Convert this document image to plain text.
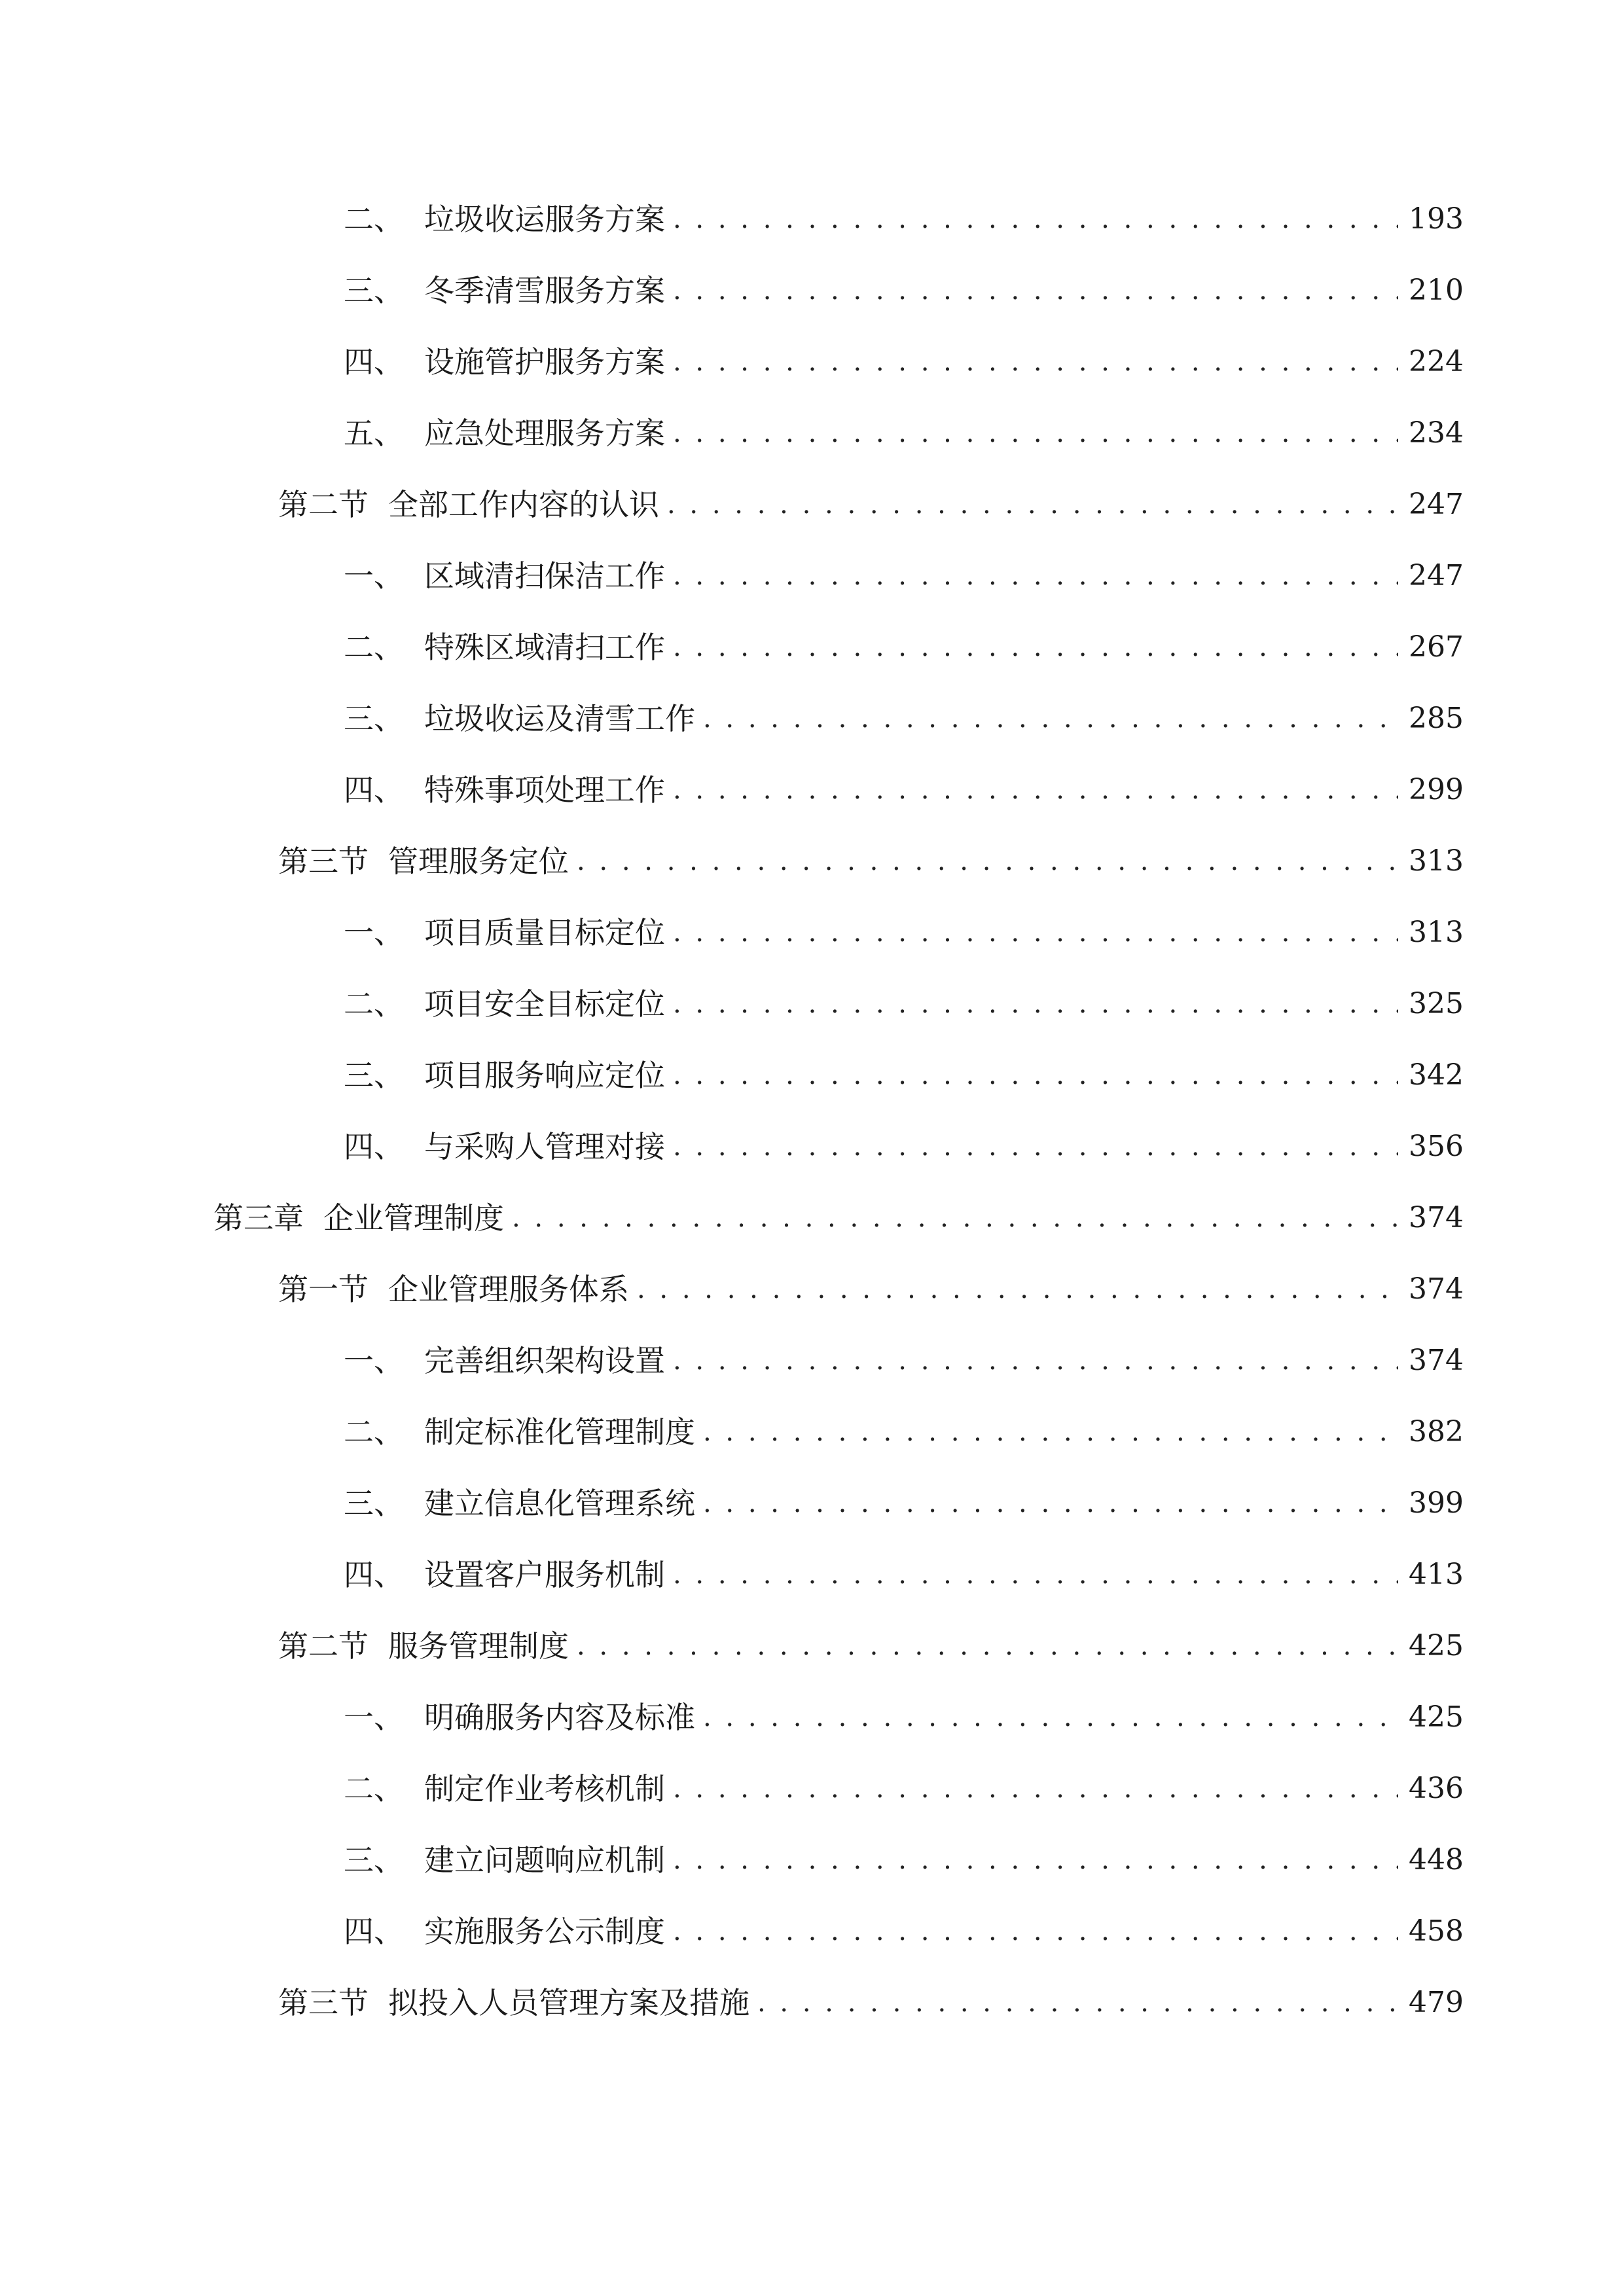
二、 垃圾收运服务方案 . . .	193
三、 冬季清雪服务方案 . . .	210
四、 设施管护服务方案 . . .	224
五、 应急处理服务方案 . . .	234
第二节 全部工作内容的认识 . . .	247
一、 区域清扫保洁工作 . . .	247
二、 特殊区域清扫工作 . . .	267
三、 垃圾收运及清雪工作 . . .	285
四、 特殊事项处理工作 . . .	299
第三节 管理服务定位 . . .	313
一、 项目质量目标定位 . . .	313
二、 项目安全目标定位 . . .	325
三、 项目服务响应定位 . . .	342
四、 与采购人管理对接 . . .	356
第三章 企业管理制度 . . .	374
第一节 企业管理服务体系 . . .	374
一、 完善组织架构设置 . . .	374
二、 制定标准化管理制度 . . .	382
三、 建立信息化管理系统 . . .	399
四、 设置客户服务机制 . . .	413
第二节 服务管理制度 . . .	425
一、 明确服务内容及标准 . . .	425
二、 制定作业考核机制 . . .	436
三、 建立问题响应机制 . . .	448
四、 实施服务公示制度 . . .	458
第三节 拟投入人员管理方案及措施 . . .	479
